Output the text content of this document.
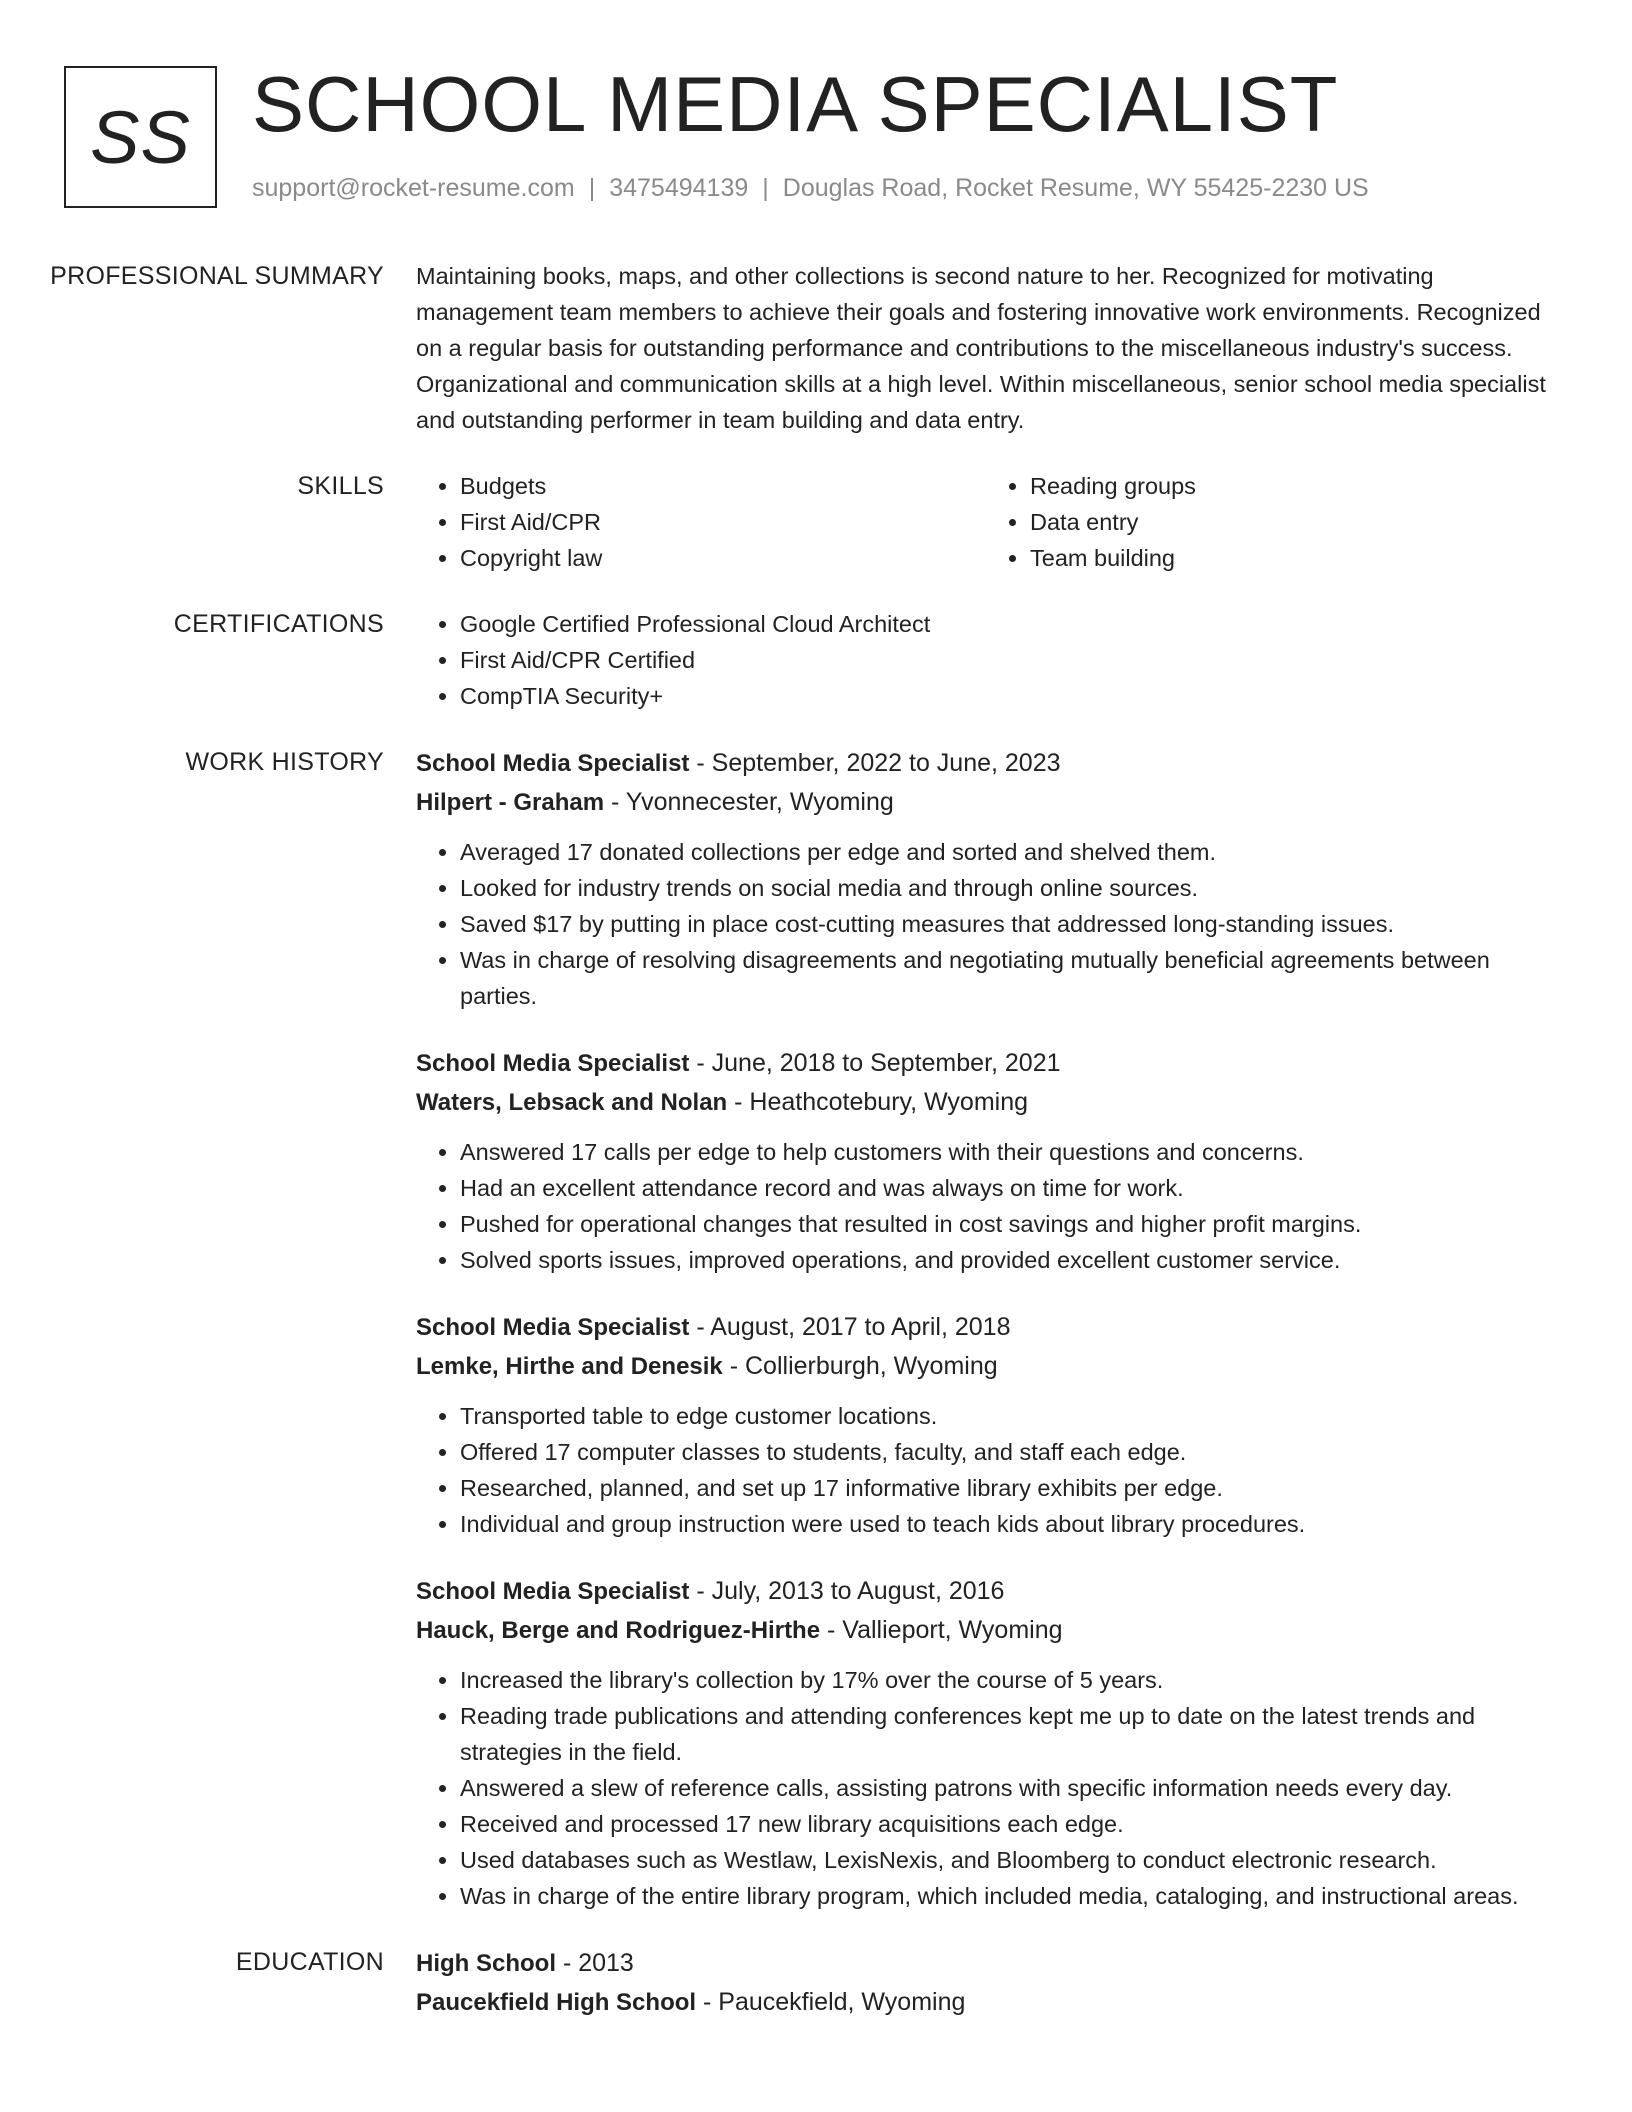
SS SCHOOL MEDIA SPECIALIST
support@rocket-resume.com | 3475494139 | Douglas Road, Rocket Resume, WY 55425-2230 US
PROFESSIONAL SUMMARY	Maintaining books, maps, and other collections is second nature to her. Recognized for motivating management team members to achieve their goals and fostering innovative work environments. Recognized on a regular basis for outstanding performance and contributions to the miscellaneous industry's success. Organizational and communication skills at a high level. Within miscellaneous, senior school media specialist and outstanding performer in team building and data entry.

SKILLS	• Budgets
• First Aid/CPR
• Copyright law
• Reading groups
• Data entry
• Team building
CERTIFICATIONS	• Google Certified Professional Cloud Architect
• First Aid/CPR Certified
• CompTIA Security+
WORK HISTORY	School Media Specialist - September, 2022 to June, 2023
Hilpert - Graham - Yvonnecester, Wyoming
• Averaged 17 donated collections per edge and sorted and shelved them.
• Looked for industry trends on social media and through online sources.
• Saved $17 by putting in place cost-cutting measures that addressed long-standing issues.
• Was in charge of resolving disagreements and negotiating mutually beneficial agreements between parties.
School Media Specialist - June, 2018 to September, 2021
Waters, Lebsack and Nolan - Heathcotebury, Wyoming
• Answered 17 calls per edge to help customers with their questions and concerns.
• Had an excellent attendance record and was always on time for work.
• Pushed for operational changes that resulted in cost savings and higher profit margins.
• Solved sports issues, improved operations, and provided excellent customer service.
School Media Specialist - August, 2017 to April, 2018
Lemke, Hirthe and Denesik - Collierburgh, Wyoming
• Transported table to edge customer locations.
• Offered 17 computer classes to students, faculty, and staff each edge.
• Researched, planned, and set up 17 informative library exhibits per edge.
• Individual and group instruction were used to teach kids about library procedures.
School Media Specialist - July, 2013 to August, 2016
Hauck, Berge and Rodriguez-Hirthe - Vallieport, Wyoming
• Increased the library's collection by 17% over the course of 5 years.
• Reading trade publications and attending conferences kept me up to date on the latest trends and strategies in the field.
• Answered a slew of reference calls, assisting patrons with specific information needs every day.
• Received and processed 17 new library acquisitions each edge.
• Used databases such as Westlaw, LexisNexis, and Bloomberg to conduct electronic research.
• Was in charge of the entire library program, which included media, cataloging, and instructional areas.
EDUCATION	High School - 2013
Paucekfield High School - Paucekfield, Wyoming
